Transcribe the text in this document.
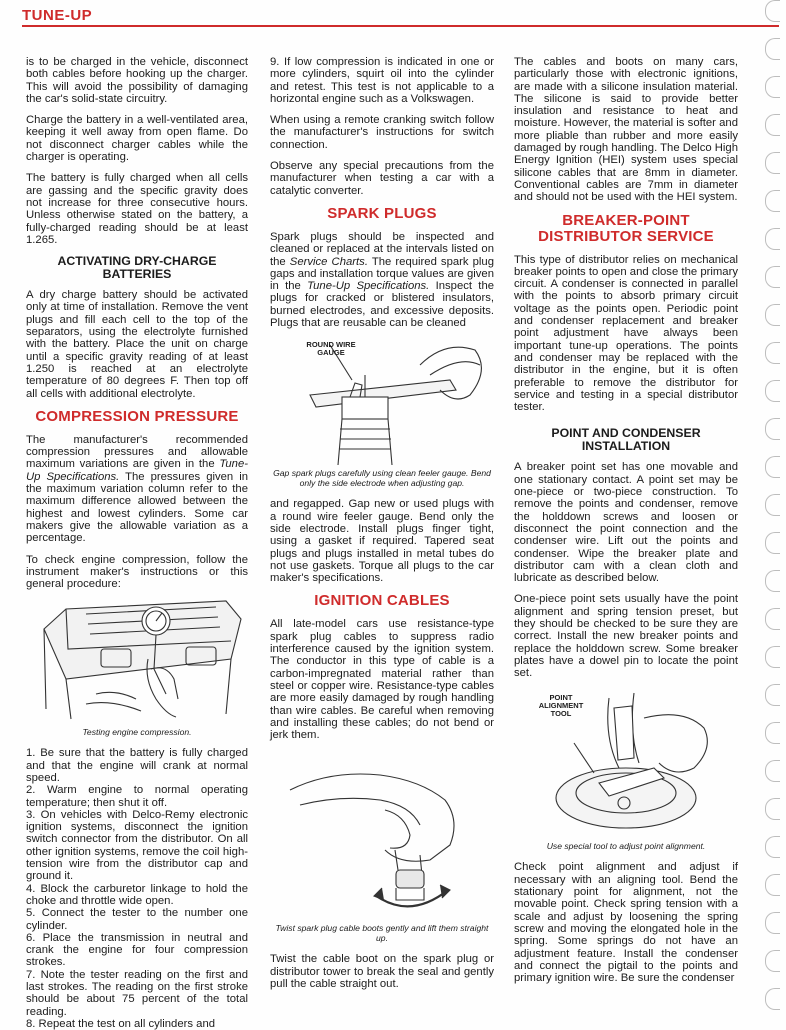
TUNE-UP

is to be charged in the vehicle, disconnect both cables before hooking up the charger. This will avoid the possibility of damaging the car's solid-state circuitry.

Charge the battery in a well-ventilated area, keeping it well away from open flame. Do not disconnect charger cables while the charger is operating.

The battery is fully charged when all cells are gassing and the specific gravity does not increase for three consecutive hours. Unless otherwise stated on the battery, a fully-charged reading should be at least 1.265.

ACTIVATING DRY-CHARGE BATTERIES

A dry charge battery should be activated only at time of installation. Remove the vent plugs and fill each cell to the top of the separators, using the electrolyte furnished with the battery. Place the unit on charge until a specific gravity reading of at least 1.250 is reached at an electrolyte temperature of 80 degrees F. Then top off all cells with additional electrolyte.

COMPRESSION PRESSURE

The manufacturer's recommended compression pressures and allowable maximum variations are given in the Tune-Up Specifications. The pressures given in the maximum variation column refer to the maximum difference allowed between the highest and lowest cylinders. Some car makers give the allowable variation as a percentage.

To check engine compression, follow the instrument maker's instructions or this general procedure:

Testing engine compression.

1. Be sure that the battery is fully charged and that the engine will crank at normal speed.

2. Warm engine to normal operating temperature; then shut it off.

3. On vehicles with Delco-Remy electronic ignition systems, disconnect the ignition switch connector from the distributor. On all other ignition systems, remove the coil high-tension wire from the distributor cap and ground it.

4. Block the carburetor linkage to hold the choke and throttle wide open.

5. Connect the tester to the number one cylinder.

6. Place the transmission in neutral and crank the engine for four compression strokes.

7. Note the tester reading on the first and last strokes. The reading on the first stroke should be about 75 percent of the total reading.

8. Repeat the test on all cylinders and

9. If low compression is indicated in one or more cylinders, squirt oil into the cylinder and retest. This test is not applicable to a horizontal engine such as a Volkswagen.

When using a remote cranking switch follow the manufacturer's instructions for switch connection.

Observe any special precautions from the manufacturer when testing a car with a catalytic converter.

SPARK PLUGS

Spark plugs should be inspected and cleaned or replaced at the intervals listed on the Service Charts. The required spark plug gaps and installation torque values are given in the Tune-Up Specifications. Inspect the plugs for cracked or blistered insulators, burned electrodes, and excessive deposits. Plugs that are reusable can be cleaned

ROUND WIRE GAUGE
Gap spark plugs carefully using clean feeler gauge. Bend only the side electrode when adjusting gap.

and regapped. Gap new or used plugs with a round wire feeler gauge. Bend only the side electrode. Install plugs finger tight, using a gasket if required. Tapered seat plugs and plugs installed in metal tubes do not use gaskets. Torque all plugs to the car maker's specifications.

IGNITION CABLES

All late-model cars use resistance-type spark plug cables to suppress radio interference caused by the ignition system. The conductor in this type of cable is a carbon-impregnated material rather than steel or copper wire. Resistance-type cables are more easily damaged by rough handling than wire cables. Be careful when removing and installing these cables; do not bend or jerk them.

Twist spark plug cable boots gently and lift them straight up.

Twist the cable boot on the spark plug or distributor tower to break the seal and gently pull the cable straight out.

The cables and boots on many cars, particularly those with electronic ignitions, are made with a silicone insulation material. The silicone is said to provide better insulation and resistance to heat and moisture. However, the material is softer and more pliable than rubber and more easily damaged by rough handling. The Delco High Energy Ignition (HEI) system uses special silicone cables that are 8mm in diameter. Conventional cables are 7mm in diameter and should not be used with the HEI system.

BREAKER-POINT DISTRIBUTOR SERVICE

This type of distributor relies on mechanical breaker points to open and close the primary circuit. A condenser is connected in parallel with the points to absorb primary circuit voltage as the points open. Periodic point and condenser replacement and breaker point adjustment have always been important tune-up operations. The points and condenser may be replaced with the distributor in the engine, but it is often preferable to remove the distributor for service and testing in a special distributor tester.

POINT AND CONDENSER INSTALLATION

A breaker point set has one movable and one stationary contact. A point set may be one-piece or two-piece construction. To remove the points and condenser, remove the holddown screws and loosen or disconnect the point connection and the condenser wire. Lift out the points and condenser. Wipe the breaker plate and distributor cam with a clean cloth and lubricate as described below.

One-piece point sets usually have the point alignment and spring tension preset, but they should be checked to be sure they are correct. Install the new breaker points and replace the holddown screw. Some breaker plates have a dowel pin to locate the point set.

POINT ALIGNMENT TOOL
Use special tool to adjust point alignment.

Check point alignment and adjust if necessary with an aligning tool. Bend the stationary point for alignment, not the movable point. Check spring tension with a scale and adjust by loosening the spring screw and moving the elongated hole in the spring. Some springs do not have an adjustment feature. Install the condenser and connect the pigtail to the points and primary ignition wire. Be sure the condenser
